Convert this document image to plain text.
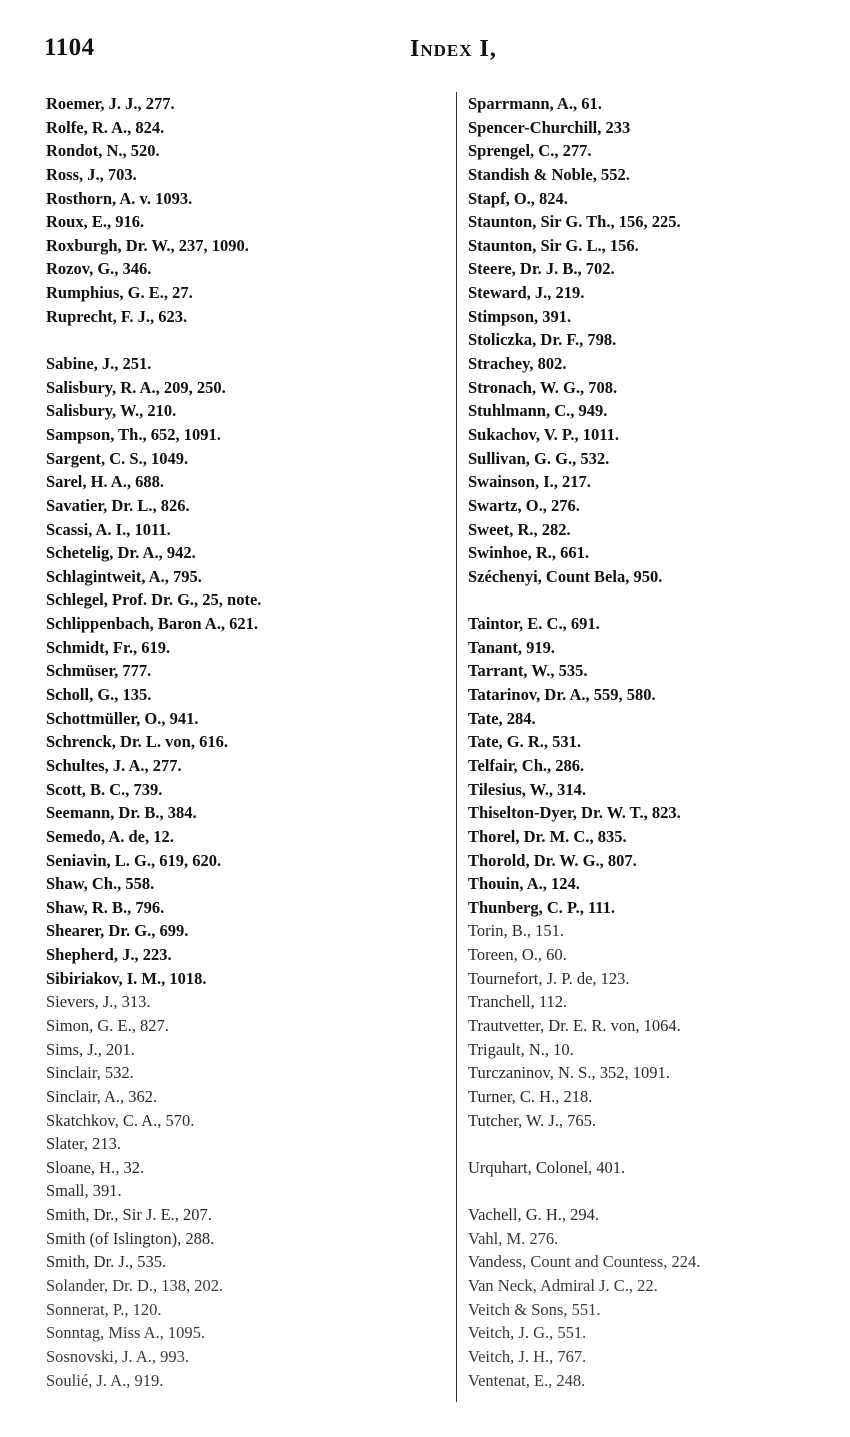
1104	Index I,
Roemer, J. J., 277.
Rolfe, R. A., 824.
Rondot, N., 520.
Ross, J., 703.
Rosthorn, A. v. 1093.
Roux, E., 916.
Roxburgh, Dr. W., 237, 1090.
Rozov, G., 346.
Rumphius, G. E., 27.
Ruprecht, F. J., 623.
Sabine, J., 251.
Salisbury, R. A., 209, 250.
Salisbury, W., 210.
Sampson, Th., 652, 1091.
Sargent, C. S., 1049.
Sarel, H. A., 688.
Savatier, Dr. L., 826.
Scassi, A. I., 1011.
Schetelig, Dr. A., 942.
Schlagintweit, A., 795.
Schlegel, Prof. Dr. G., 25, note.
Schlippenbach, Baron A., 621.
Schmidt, Fr., 619.
Schmüser, 777.
Scholl, G., 135.
Schottmüller, O., 941.
Schrenck, Dr. L. von, 616.
Schultes, J. A., 277.
Scott, B. C., 739.
Seemann, Dr. B., 384.
Semedo, A. de, 12.
Seniavin, L. G., 619, 620.
Shaw, Ch., 558.
Shaw, R. B., 796.
Shearer, Dr. G., 699.
Shepherd, J., 223.
Sibiriakov, I. M., 1018.
Sievers, J., 313.
Simon, G. E., 827.
Sims, J., 201.
Sinclair, 532.
Sinclair, A., 362.
Skatchkov, C. A., 570.
Slater, 213.
Sloane, H., 32.
Small, 391.
Smith, Dr., Sir J. E., 207.
Smith (of Islington), 288.
Smith, Dr. J., 535.
Solander, Dr. D., 138, 202.
Sonnerat, P., 120.
Sonntag, Miss A., 1095.
Sosnovski, J. A., 993.
Soulié, J. A., 919.
Sparrmann, A., 61.
Spencer-Churchill, 233
Sprengel, C., 277.
Standish & Noble, 552.
Stapf, O., 824.
Staunton, Sir G. Th., 156, 225.
Staunton, Sir G. L., 156.
Steere, Dr. J. B., 702.
Steward, J., 219.
Stimpson, 391.
Stoliczka, Dr. F., 798.
Strachey, 802.
Stronach, W. G., 708.
Stuhlmann, C., 949.
Sukachov, V. P., 1011.
Sullivan, G. G., 532.
Swainson, I., 217.
Swartz, O., 276.
Sweet, R., 282.
Swinhoe, R., 661.
Széchenyi, Count Bela, 950.
Taintor, E. C., 691.
Tanant, 919.
Tarrant, W., 535.
Tatarinov, Dr. A., 559, 580.
Tate, 284.
Tate, G. R., 531.
Telfair, Ch., 286.
Tilesius, W., 314.
Thiselton-Dyer, Dr. W. T., 823.
Thorel, Dr. M. C., 835.
Thorold, Dr. W. G., 807.
Thouin, A., 124.
Thunberg, C. P., 111.
Torin, B., 151.
Toreen, O., 60.
Tournefort, J. P. de, 123.
Tranchell, 112.
Trautvetter, Dr. E. R. von, 1064.
Trigault, N., 10.
Turczaninov, N. S., 352, 1091.
Turner, C. H., 218.
Tutcher, W. J., 765.
Urquhart, Colonel, 401.
Vachell, G. H., 294.
Vahl, M. 276.
Vandess, Count and Countess, 224.
Van Neck, Admiral J. C., 22.
Veitch & Sons, 551.
Veitch, J. G., 551.
Veitch, J. H., 767.
Ventenat, E., 248.
